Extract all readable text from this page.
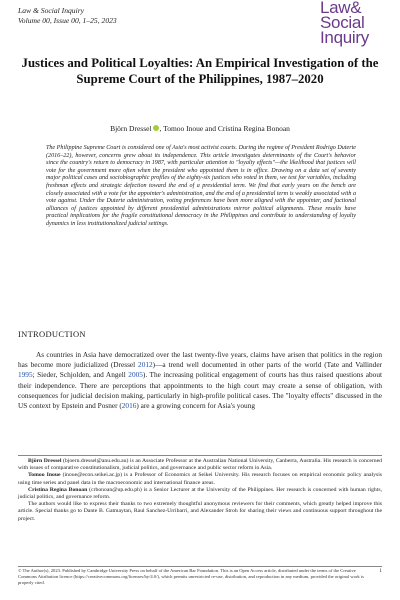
Law & Social Inquiry
Volume 00, Issue 00, 1–25, 2023
Law&
Social
Inquiry
Justices and Political Loyalties: An Empirical Investigation of the Supreme Court of the Philippines, 1987–2020
Björn Dressel , Tomoo Inoue and Cristina Regina Bonoan
The Philippine Supreme Court is considered one of Asia's most activist courts. During the regime of President Rodrigo Duterte (2016–22), however, concerns grew about its independence. This article investigates determinants of the Court's behavior since the country's return to democracy in 1987, with particular attention to "loyalty effects"—the likelihood that justices will vote for the government more often when the president who appointed them is in office. Drawing on a data set of seventy major political cases and sociobiographic profiles of the eighty-six justices who voted in them, we test for variables, including freshman effects and strategic defection toward the end of a presidential term. We find that early years on the bench are closely associated with a vote for the appointer's administration, and the end of a presidential term is weakly associated with a vote against. Under the Duterte administration, voting preferences have been more aligned with the appointer, and factional alliances of justices appointed by different presidential administrations mirror political alignments. These results have practical implications for the fragile constitutional democracy in the Philippines and contribute to understanding of loyalty dynamics in less institutionalized judicial settings.
INTRODUCTION
As countries in Asia have democratized over the last twenty-five years, claims have arisen that politics in the region has become more judicialized (Dressel 2012)—a trend well documented in other parts of the world (Tate and Vallinder 1995; Sieder, Schjolden, and Angell 2005). The increasing political engagement of courts has thus raised questions about their independence. There are perceptions that appointments to the high court may create a sense of obligation, with consequences for judicial decision making, particularly in high-profile political cases. The "loyalty effects" discussed in the US context by Epstein and Posner (2016) are a growing concern for Asia's young

Björn Dressel (bjoern.dressel@anu.edu.au) is an Associate Professor at the Australian National University, Canberra, Australia. His research is concerned with issues of comparative constitutionalism, judicial politics, and governance and public sector reform in Asia.

Tomoo Inoue (inoue@econ.seikei.ac.jp) is a Professor of Economics at Seikei University. His research focuses on empirical economic policy analysis using time series and panel data in the macroeconomic and international finance areas.

Cristina Regina Bonoan (crbonoan@up.edu.ph) is a Senior Lecturer at the University of the Philippines. Her research is concerned with human rights, judicial politics, and governance reform.

The authors would like to express their thanks to two extremely thoughtful anonymous reviewers for their comments, which greatly helped improve this article. Special thanks go to Dante B. Gatmaytan, Raul Sanchez-Urribarri, and Alexander Stroh for sharing their views and continuous support throughout the project.

© The Author(s), 2023. Published by Cambridge University Press on behalf of the American Bar Foundation. This is an Open Access article, distributed under the terms of the Creative Commons Attribution licence (https://creativecommons.org/licenses/by/4.0/), which permits unrestricted re-use, distribution, and reproduction in any medium, provided the original work is properly cited.
1
